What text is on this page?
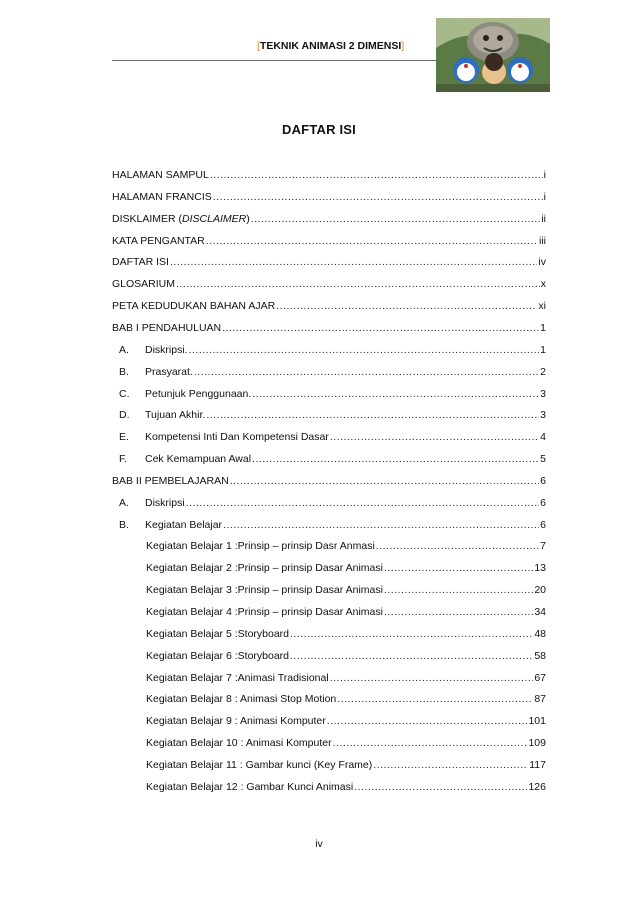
[TEKNIK ANIMASI 2 DIMENSI]
DAFTAR ISI
HALAMAN SAMPUL .....	i
HALAMAN FRANCIS .....	i
DISKLAIMER (DISCLAIMER) .....	ii
KATA PENGANTAR .....	iii
DAFTAR ISI .....	iv
GLOSARIUM .....	x
PETA KEDUDUKAN BAHAN AJAR .....	xi
BAB I PENDAHULUAN .....	1
A.	Diskripsi. .....	1
B.	Prasyarat. .....	2
C.	Petunjuk Penggunaan. .....	3
D.	Tujuan Akhir. .....	3
E.	Kompetensi Inti Dan Kompetensi Dasar .....	4
F.	Cek Kemampuan Awal .....	5
BAB II PEMBELAJARAN .....	6
A.	Diskripsi .....	6
B.	Kegiatan Belajar .....	6
Kegiatan Belajar 1 :Prinsip – prinsip Dasr Anmasi .....	7
Kegiatan Belajar 2 :Prinsip – prinsip Dasar Animasi .....	13
Kegiatan Belajar 3 :Prinsip – prinsip Dasar Animasi .....	20
Kegiatan Belajar 4 :Prinsip – prinsip Dasar Animasi .....	34
Kegiatan Belajar 5 :Storyboard .....	48
Kegiatan Belajar 6 :Storyboard .....	58
Kegiatan Belajar 7 :Animasi Tradisional .....	67
Kegiatan Belajar 8 : Animasi Stop Motion .....	87
Kegiatan Belajar 9 : Animasi Komputer .....	101
Kegiatan Belajar 10 : Animasi Komputer .....	109
Kegiatan Belajar 11 : Gambar kunci (Key Frame) .....	117
Kegiatan Belajar 12 : Gambar Kunci Animasi .....	126
iv
